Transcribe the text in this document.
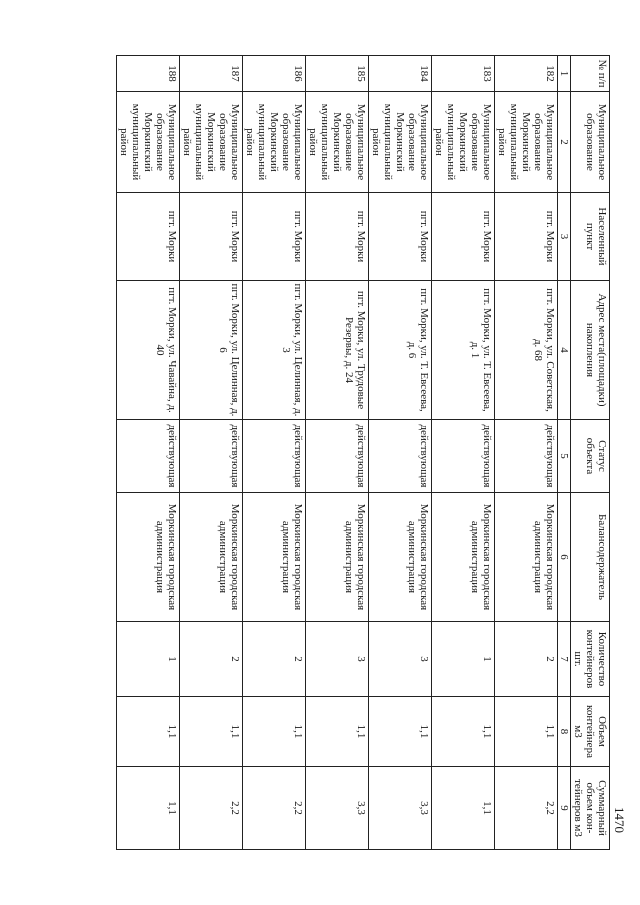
1470
№ п/п	Муниципальное образование	Населенный пункт	Адрес места(площадки) накопления	Статус объекта	Балансодержатель	Количество контейнеров шт.	Объем контейнера м3	Суммарный объем кон-тейнеров м3
1	2	3	4	5	6	7	8	9
182	Муниципальное образование Моркинский муниципальный район	пгт. Морки	пгт. Морки, ул. Советская, д. 68	действующая	Моркинская городская администрация	2	1,1	2,2
183	Муниципальное образование Моркинский муниципальный район	пгт. Морки	пгт. Морки, ул. Т. Евсеева, д. 1	действующая	Моркинская городская администрация	1	1,1	1,1
184	Муниципальное образование Моркинский муниципальный район	пгт. Морки	пгт. Морки, ул. Т. Евсеева, д. 6	действующая	Моркинская городская администрация	3	1,1	3,3
185	Муниципальное образование Моркинский муниципальный район	пгт. Морки	пгт. Морки, ул. Трудовые Резервы, д. 24	действующая	Моркинская городская администрация	3	1,1	3,3
186	Муниципальное образование Моркинский муниципальный район	пгт. Морки	пгт. Морки, ул. Целинная, д. 3	действующая	Моркинская городская администрация	2	1,1	2,2
187	Муниципальное образование Моркинский муниципальный район	пгт. Морки	пгт. Морки, ул. Целинная, д. 6	действующая	Моркинская городская администрация	2	1,1	2,2
188	Муниципальное образование Моркинский муниципальный район	пгт. Морки	пгт. Морки, ул. Чавайна, д. 40	действующая	Моркинская городская администрация	1	1,1	1,1
